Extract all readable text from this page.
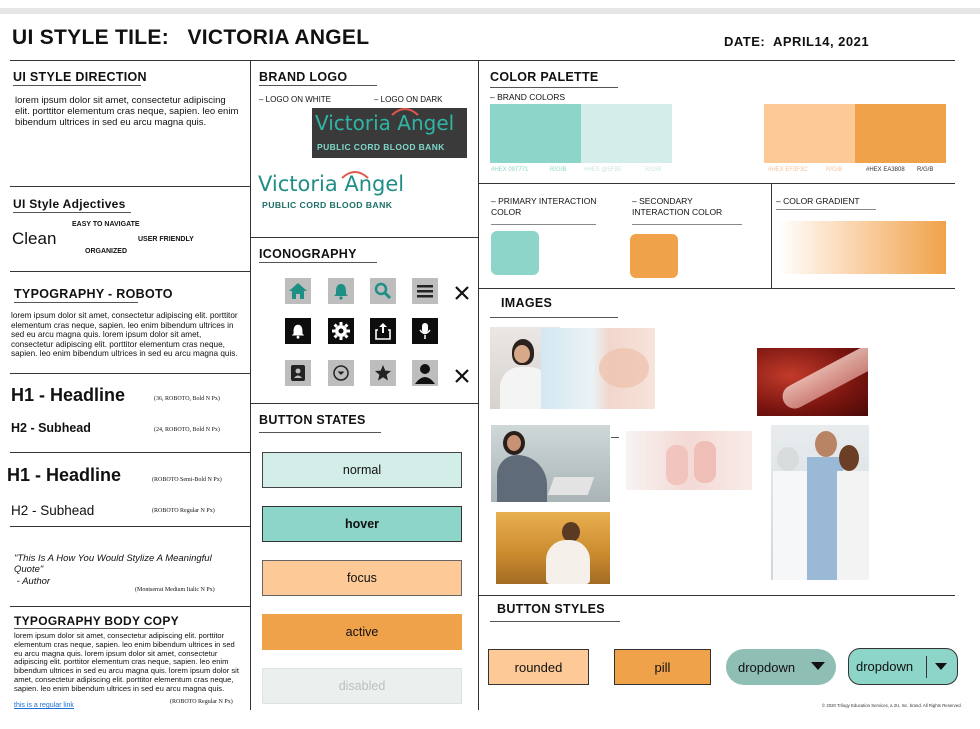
UI STYLE TILE:   VICTORIA ANGEL	DATE:  APRIL14, 2021
UI STYLE DIRECTION
lorem ipsum dolor sit amet, consectetur adipiscing elit. porttitor elementum cras neque, sapien. leo enim bibendum ultrices in sed eu arcu magna quis.
UI Style Adjectives
Clean
EASY TO NAVIGATE
USER FRIENDLY
ORGANIZED
TYPOGRAPHY - ROBOTO
lorem ipsum dolor sit amet, consectetur adipiscing elit. porttitor elementum cras neque, sapien. leo enim bibendum ultrices in sed eu arcu magna quis. lorem ipsum dolor sit amet, consectetur adipiscing elit. porttitor elementum cras neque, sapien. leo enim bibendum ultrices in sed eu arcu magna quis.
H1 - Headline	(36, ROBOTO, Bold N Px)
H2 - Subhead	(24, ROBOTO, Bold N Px)
H1 - Headline	(ROBOTO Semi-Bold N Px)
H2 - Subhead	(ROBOTO Regular N Px)
"This Is A How You Would Stylize A Meaningful Quote"
- Author
(Montserrat Medium Italic N Px)
TYPOGRAPHY BODY COPY
lorem ipsum dolor sit amet, consectetur adipiscing elit. porttitor elementum cras neque, sapien. leo enim bibendum ultrices in sed eu arcu magna quis. lorem ipsum dolor sit amet, consectetur adipiscing elit. porttitor elementum cras neque, sapien. leo enim bibendum ultrices in sed eu arcu magna quis. lorem ipsum dolor sit amet, consectetur adipiscing elit. porttitor elementum cras neque, sapien. leo enim bibendum ultrices in sed eu arcu magna quis.
this is a regular link	(ROBOTO Regular N Px)
BRAND LOGO
– LOGO ON WHITE	– LOGO ON DARK
Victoria Angel
PUBLIC CORD BLOOD BANK
Victoria Angel
PUBLIC CORD BLOOD BANK
ICONOGRAPHY
BUTTON STATES
normal
hover
focus
active
disabled
COLOR PALETTE
– BRAND COLORS
#HEX 097771	R/G/B	#HEX @5F9E	R/G/B	#HEX EF3F3C	R/G/B	#HEX EA3808 R/G/B
– PRIMARY INTERACTION COLOR
– SECONDARY INTERACTION COLOR
– COLOR GRADIENT
IMAGES
BUTTON STYLES
rounded	pill	dropdown	dropdown
© 2020 Trilogy Education Services, a 2U, Inc. brand. All Rights Reserved.
